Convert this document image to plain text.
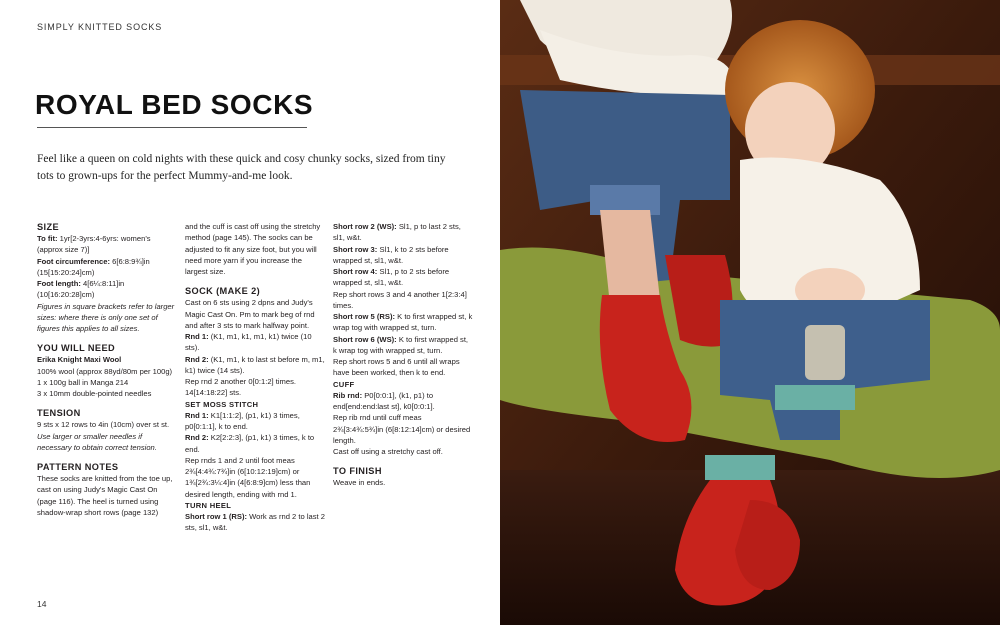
SIMPLY KNITTED SOCKS
ROYAL BED SOCKS
Feel like a queen on cold nights with these quick and cosy chunky socks, sized from tiny tots to grown-ups for the perfect Mummy-and-me look.

SIZE

To fit: 1yr[2-3yrs:4-6yrs: women's (approx size 7)]

Foot circumference: 6[6:8:9¾]in (15[15:20:24]cm)

Foot length: 4[6¼:8:11]in (10[16:20:28]cm)

Figures in square brackets refer to larger sizes: where there is only one set of figures this applies to all sizes.

YOU WILL NEED

Erika Knight Maxi Wool

100% wool (approx 88yd/80m per 100g)

1 x 100g ball in Manga 214

3 x 10mm double-pointed needles

TENSION

9 sts x 12 rows to 4in (10cm) over st st.

Use larger or smaller needles if necessary to obtain correct tension.

PATTERN NOTES

These socks are knitted from the toe up, cast on using Judy's Magic Cast On (page 116). The heel is turned using shadow-wrap short rows (page 132)

and the cuff is cast off using the stretchy method (page 145). The socks can be adjusted to fit any size foot, but you will need more yarn if you increase the largest size.

SOCK (MAKE 2)

Cast on 6 sts using 2 dpns and Judy's Magic Cast On. Pm to mark beg of rnd and after 3 sts to mark halfway point.

Rnd 1: (K1, m1, k1, m1, k1) twice (10 sts).

Rnd 2: (K1, m1, k to last st before m, m1, k1) twice (14 sts).

Rep rnd 2 another 0[0:1:2] times. 14[14:18:22] sts.

SET MOSS STITCH

Rnd 1: K1[1:1:2], (p1, k1) 3 times, p0[0:1:1], k to end.

Rnd 2: K2[2:2:3], (p1, k1) 3 times, k to end.

Rep rnds 1 and 2 until foot meas 2¾[4:4¾:7¾]in (6[10:12:19]cm) or 1¾[2¾:3¼:4]in (4[6:8:9]cm) less than desired length, ending with rnd 1.

TURN HEEL

Short row 1 (RS): Work as rnd 2 to last 2 sts, sl1, w&t.

Short row 2 (WS): Sl1, p to last 2 sts, sl1, w&t.

Short row 3: Sl1, k to 2 sts before wrapped st, sl1, w&t.

Short row 4: Sl1, p to 2 sts before wrapped st, sl1, w&t.

Rep short rows 3 and 4 another 1[2:3:4] times.

Short row 5 (RS): K to first wrapped st, k wrap tog with wrapped st, turn.

Short row 6 (WS): K to first wrapped st, k wrap tog with wrapped st, turn.

Rep short rows 5 and 6 until all wraps have been worked, then k to end.

CUFF

Rib rnd: P0[0:0:1], (k1, p1) to end[end:end:last st], k0[0:0:1].

Rep rib rnd until cuff meas 2¾[3:4¾:5¾]in (6[8:12:14]cm) or desired length.

Cast off using a stretchy cast off.

TO FINISH

Weave in ends.

14
